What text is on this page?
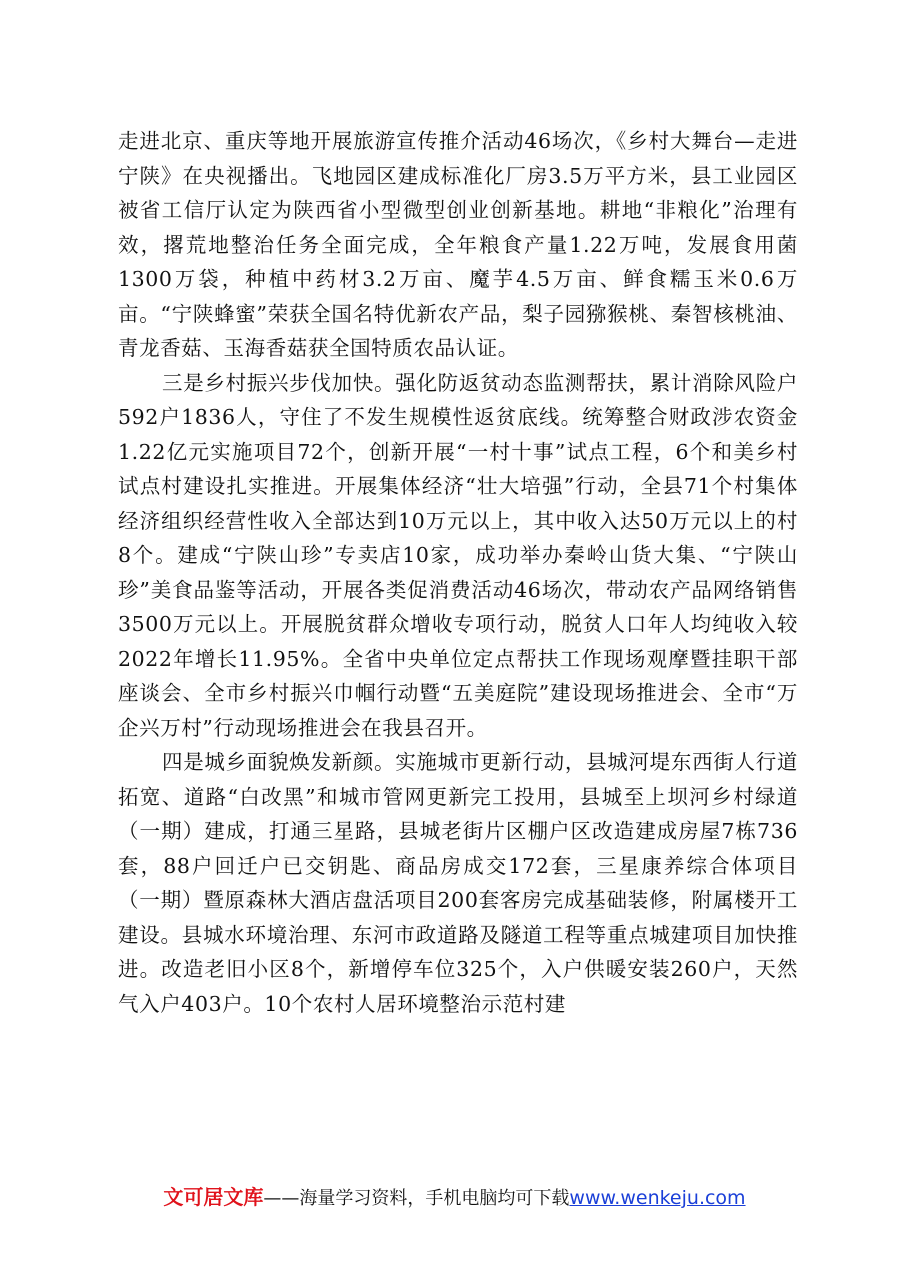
走进北京、重庆等地开展旅游宣传推介活动46场次，《乡村大舞台—走进宁陕》在央视播出。飞地园区建成标准化厂房3.5万平方米，县工业园区被省工信厅认定为陕西省小型微型创业创新基地。耕地“非粮化”治理有效，撂荒地整治任务全面完成，全年粮食产量1.22万吨，发展食用菌1300万袋，种植中药材3.2万亩、魔芋4.5万亩、鲜食糯玉米0.6万亩。“宁陕蜂蜜”荣获全国名特优新农产品，梨子园猕猴桃、秦智核桃油、青龙香菇、玉海香菇获全国特质农品认证。

三是乡村振兴步伐加快。强化防返贫动态监测帮扶，累计消除风险户592户1836人，守住了不发生规模性返贫底线。统筹整合财政涉农资金1.22亿元实施项目72个，创新开展“一村十事”试点工程，6个和美乡村试点村建设扎实推进。开展集体经济“壮大培强”行动，全县71个村集体经济组织经营性收入全部达到10万元以上，其中收入达50万元以上的村8个。建成“宁陕山珍”专卖店10家，成功举办秦岭山货大集、“宁陕山珍”美食品鉴等活动，开展各类促消费活动46场次，带动农产品网络销售3500万元以上。开展脱贫群众增收专项行动，脱贫人口年人均纯收入较2022年增长11.95%。全省中央单位定点帮扶工作现场观摩暨挂职干部座谈会、全市乡村振兴巾帼行动暨“五美庭院”建设现场推进会、全市“万企兴万村”行动现场推进会在我县召开。

四是城乡面貌焕发新颜。实施城市更新行动，县城河堤东西街人行道拓宽、道路“白改黑”和城市管网更新完工投用，县城至上坝河乡村绿道（一期）建成，打通三星路，县城老街片区棚户区改造建成房屋7栋736套，88户回迁户已交钥匙、商品房成交172套，三星康养综合体项目（一期）暨原森林大酒店盘活项目200套客房完成基础装修，附属楼开工建设。县城水环境治理、东河市政道路及隧道工程等重点城建项目加快推进。改造老旧小区8个，新增停车位325个，入户供暖安装260户，天然气入户403户。10个农村人居环境整治示范村建

文可居文库——海量学习资料，手机电脑均可下载www.wenkeju.com
